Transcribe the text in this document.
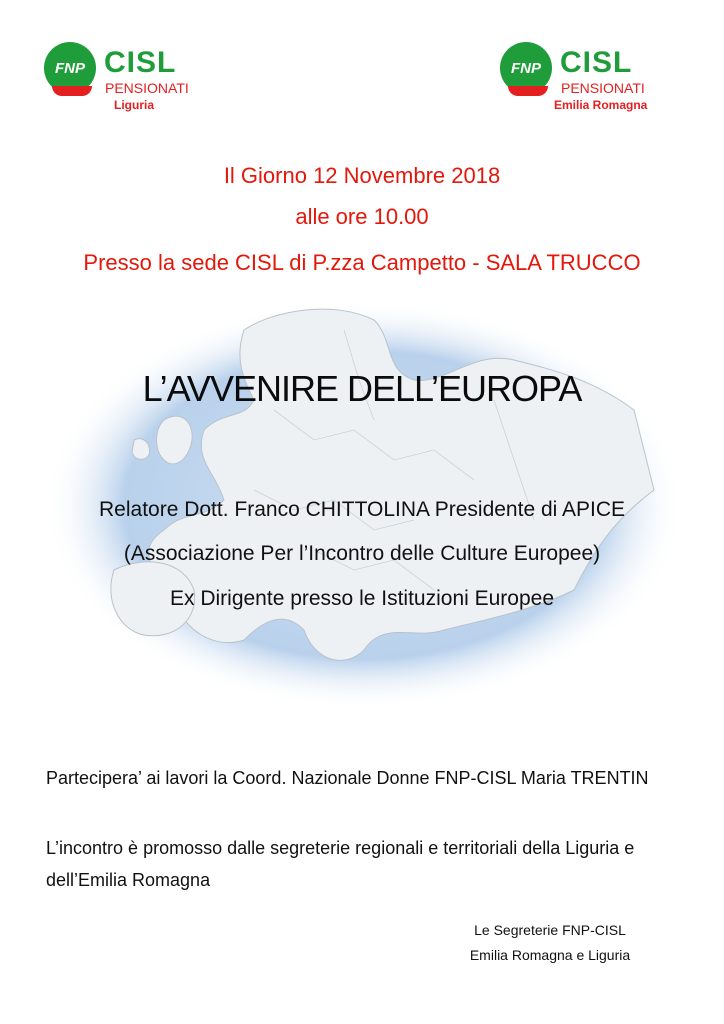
FNP CISL
PENSIONATI
Liguria
FNP CISL
PENSIONATI
Emilia Romagna
Il Giorno 12 Novembre 2018
alle ore 10.00
Presso la sede CISL di P.zza Campetto - SALA TRUCCO
L’AVVENIRE DELL’EUROPA
Relatore Dott. Franco CHITTOLINA Presidente di APICE
(Associazione Per l’Incontro delle Culture Europee)
Ex Dirigente presso le Istituzioni Europee
Partecipera’ ai lavori la Coord. Nazionale Donne FNP-CISL Maria TRENTIN
L’incontro è promosso dalle segreterie regionali e territoriali della Liguria e dell’Emilia Romagna
Le Segreterie FNP-CISL
Emilia Romagna e Liguria
